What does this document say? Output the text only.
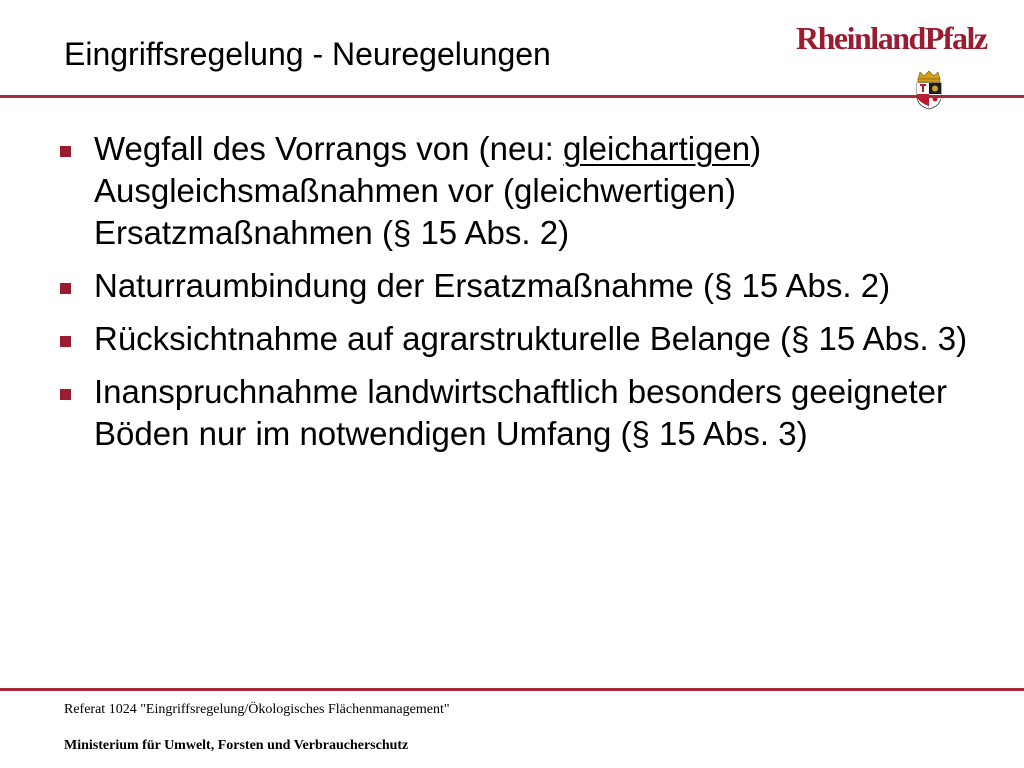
Eingriffsregelung - Neuregelungen	RheinlandPfalz
Wegfall des Vorrangs von (neu: gleichartigen) Ausgleichsmaßnahmen vor (gleichwertigen) Ersatzmaßnahmen (§ 15 Abs. 2)
Naturraumbindung der Ersatzmaßnahme (§ 15 Abs. 2)
Rücksichtnahme auf agrarstrukturelle Belange (§ 15 Abs. 3)
Inanspruchnahme landwirtschaftlich besonders geeigneter Böden nur im notwendigen Umfang (§ 15 Abs. 3)
Referat 1024 "Eingriffsregelung/Ökologisches Flächenmanagement"
Ministerium für Umwelt, Forsten und Verbraucherschutz
